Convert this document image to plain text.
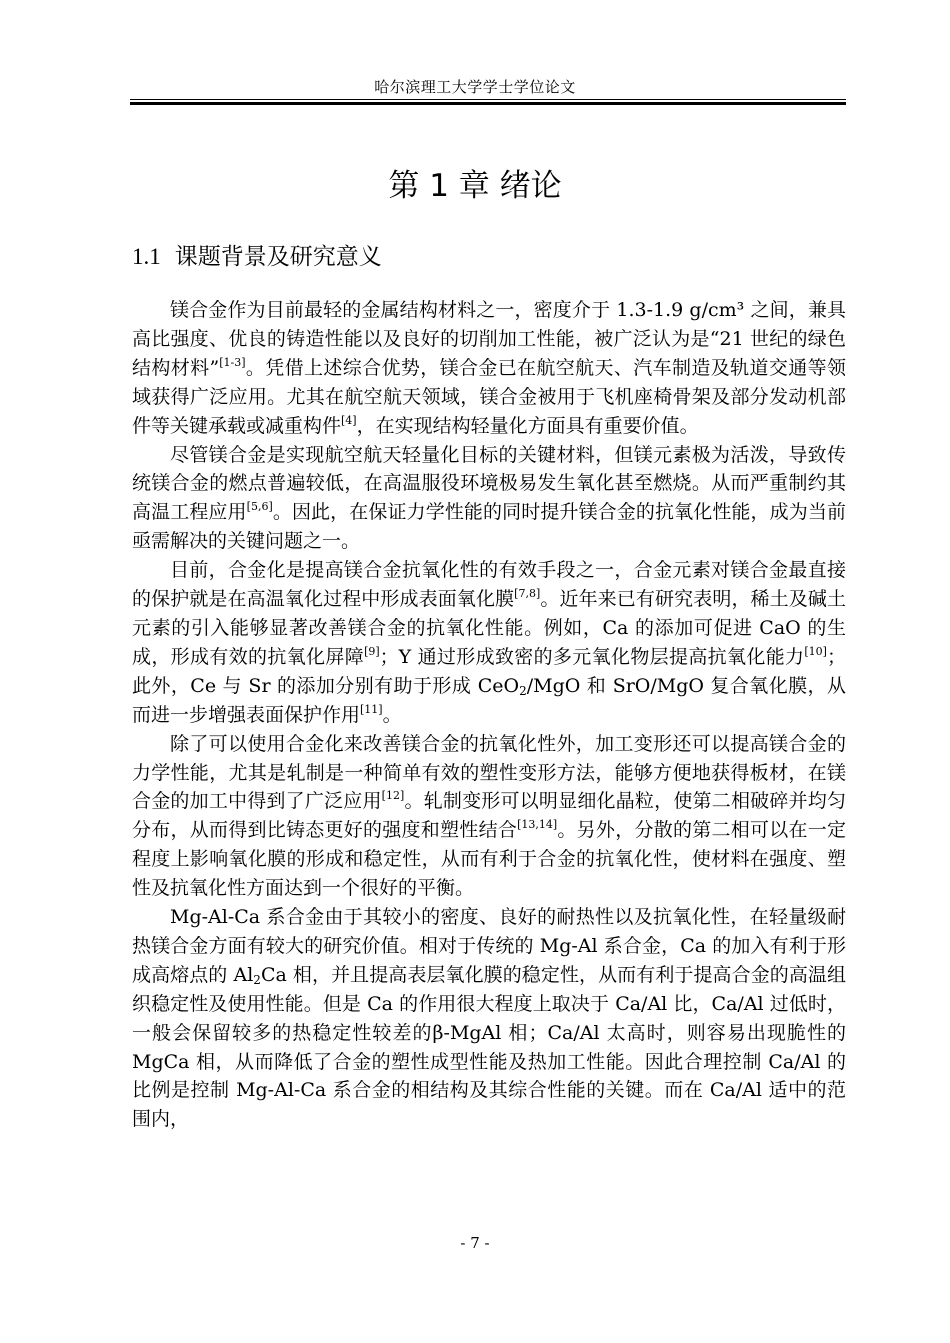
哈尔滨理工大学学士学位论文
第 1 章 绪论
1.1 课题背景及研究意义

镁合金作为目前最轻的金属结构材料之一，密度介于 1.3-1.9 g/cm³ 之间，兼具高比强度、优良的铸造性能以及良好的切削加工性能，被广泛认为是“21 世纪的绿色结构材料”[1-3]。凭借上述综合优势，镁合金已在航空航天、汽车制造及轨道交通等领域获得广泛应用。尤其在航空航天领域，镁合金被用于飞机座椅骨架及部分发动机部件等关键承载或减重构件[4]，在实现结构轻量化方面具有重要价值。

尽管镁合金是实现航空航天轻量化目标的关键材料，但镁元素极为活泼，导致传统镁合金的燃点普遍较低，在高温服役环境极易发生氧化甚至燃烧。从而严重制约其高温工程应用[5,6]。因此，在保证力学性能的同时提升镁合金的抗氧化性能，成为当前亟需解决的关键问题之一。

目前，合金化是提高镁合金抗氧化性的有效手段之一，合金元素对镁合金最直接的保护就是在高温氧化过程中形成表面氧化膜[7,8]。近年来已有研究表明，稀土及碱土元素的引入能够显著改善镁合金的抗氧化性能。例如，Ca 的添加可促进 CaO 的生成，形成有效的抗氧化屏障[9]；Y 通过形成致密的多元氧化物层提高抗氧化能力[10]；此外，Ce 与 Sr 的添加分别有助于形成 CeO$_2$/MgO 和 SrO/MgO 复合氧化膜，从而进一步增强表面保护作用[11]。

除了可以使用合金化来改善镁合金的抗氧化性外，加工变形还可以提高镁合金的力学性能，尤其是轧制是一种简单有效的塑性变形方法，能够方便地获得板材，在镁合金的加工中得到了广泛应用[12]。轧制变形可以明显细化晶粒，使第二相破碎并均匀分布，从而得到比铸态更好的强度和塑性结合[13,14]。另外，分散的第二相可以在一定程度上影响氧化膜的形成和稳定性，从而有利于合金的抗氧化性，使材料在强度、塑性及抗氧化性方面达到一个很好的平衡。

Mg-Al-Ca 系合金由于其较小的密度、良好的耐热性以及抗氧化性，在轻量级耐热镁合金方面有较大的研究价值。相对于传统的 Mg-Al 系合金，Ca 的加入有利于形成高熔点的 $Al_2Ca$ 相，并且提高表层氧化膜的稳定性，从而有利于提高合金的高温组织稳定性及使用性能。但是 Ca 的作用很大程度上取决于 Ca/Al 比，Ca/Al 过低时，一般会保留较多的热稳定性较差的β-MgAl 相；Ca/Al 太高时，则容易出现脆性的 MgCa 相，从而降低了合金的塑性成型性能及热加工性能。因此合理控制 Ca/Al 的比例是控制 Mg-Al-Ca 系合金的相结构及其综合性能的关键。而在 Ca/Al 适中的范围内，

- 7 -
